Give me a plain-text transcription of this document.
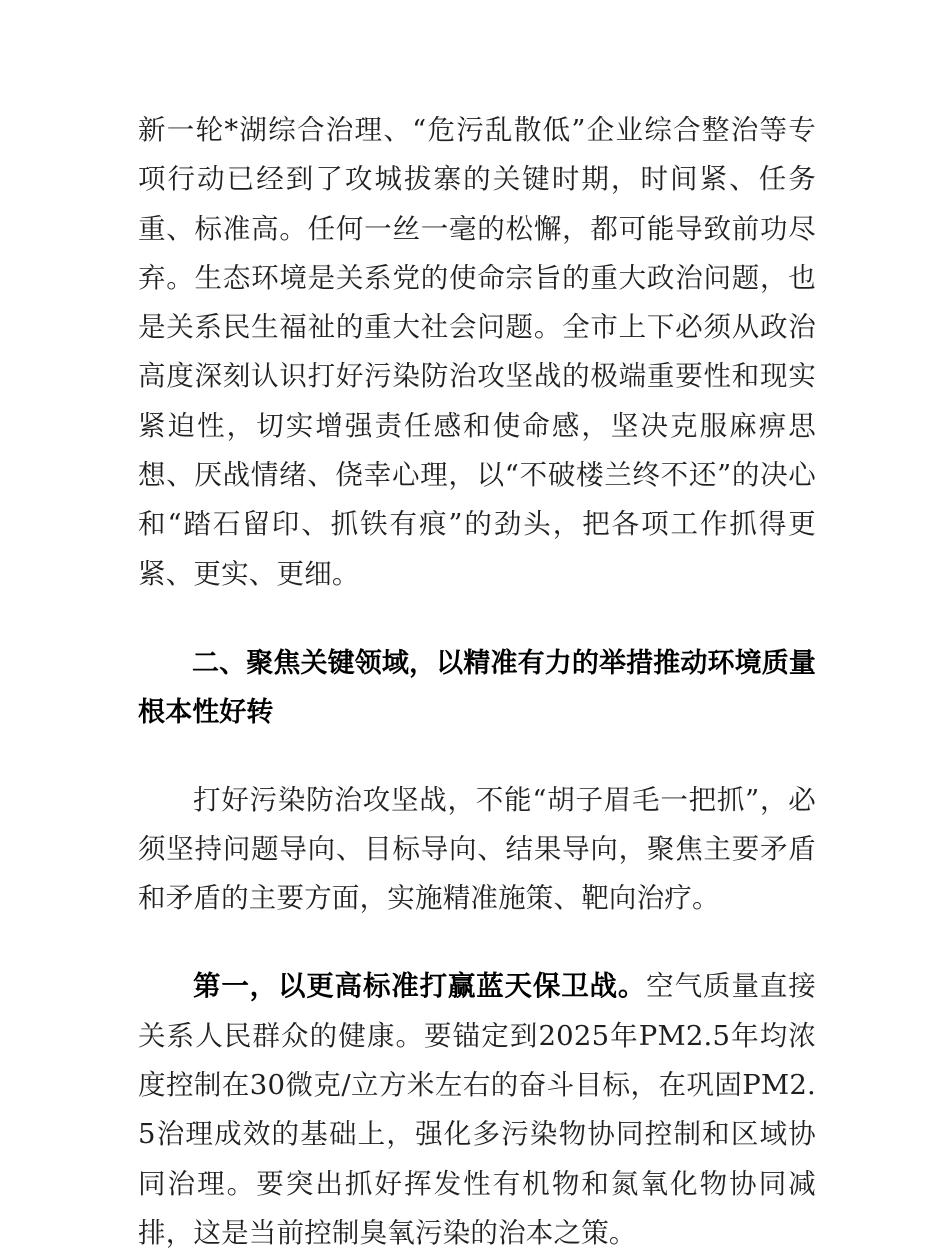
新一轮*湖综合治理、“危污乱散低”企业综合整治等专项行动已经到了攻城拔寨的关键时期，时间紧、任务重、标准高。任何一丝一毫的松懈，都可能导致前功尽弃。生态环境是关系党的使命宗旨的重大政治问题，也是关系民生福祉的重大社会问题。全市上下必须从政治高度深刻认识打好污染防治攻坚战的极端重要性和现实紧迫性，切实增强责任感和使命感，坚决克服麻痹思想、厌战情绪、侥幸心理，以“不破楼兰终不还”的决心和“踏石留印、抓铁有痕”的劲头，把各项工作抓得更紧、更实、更细。

二、聚焦关键领域，以精准有力的举措推动环境质量根本性好转

打好污染防治攻坚战，不能“胡子眉毛一把抓”，必须坚持问题导向、目标导向、结果导向，聚焦主要矛盾和矛盾的主要方面，实施精准施策、靶向治疗。

第一，以更高标准打赢蓝天保卫战。空气质量直接关系人民群众的健康。要锚定到2025年PM2.5年均浓度控制在30微克/立方米左右的奋斗目标，在巩固PM2.5治理成效的基础上，强化多污染物协同控制和区域协同治理。要突出抓好挥发性有机物和氮氧化物协同减排，这是当前控制臭氧污染的治本之策。
